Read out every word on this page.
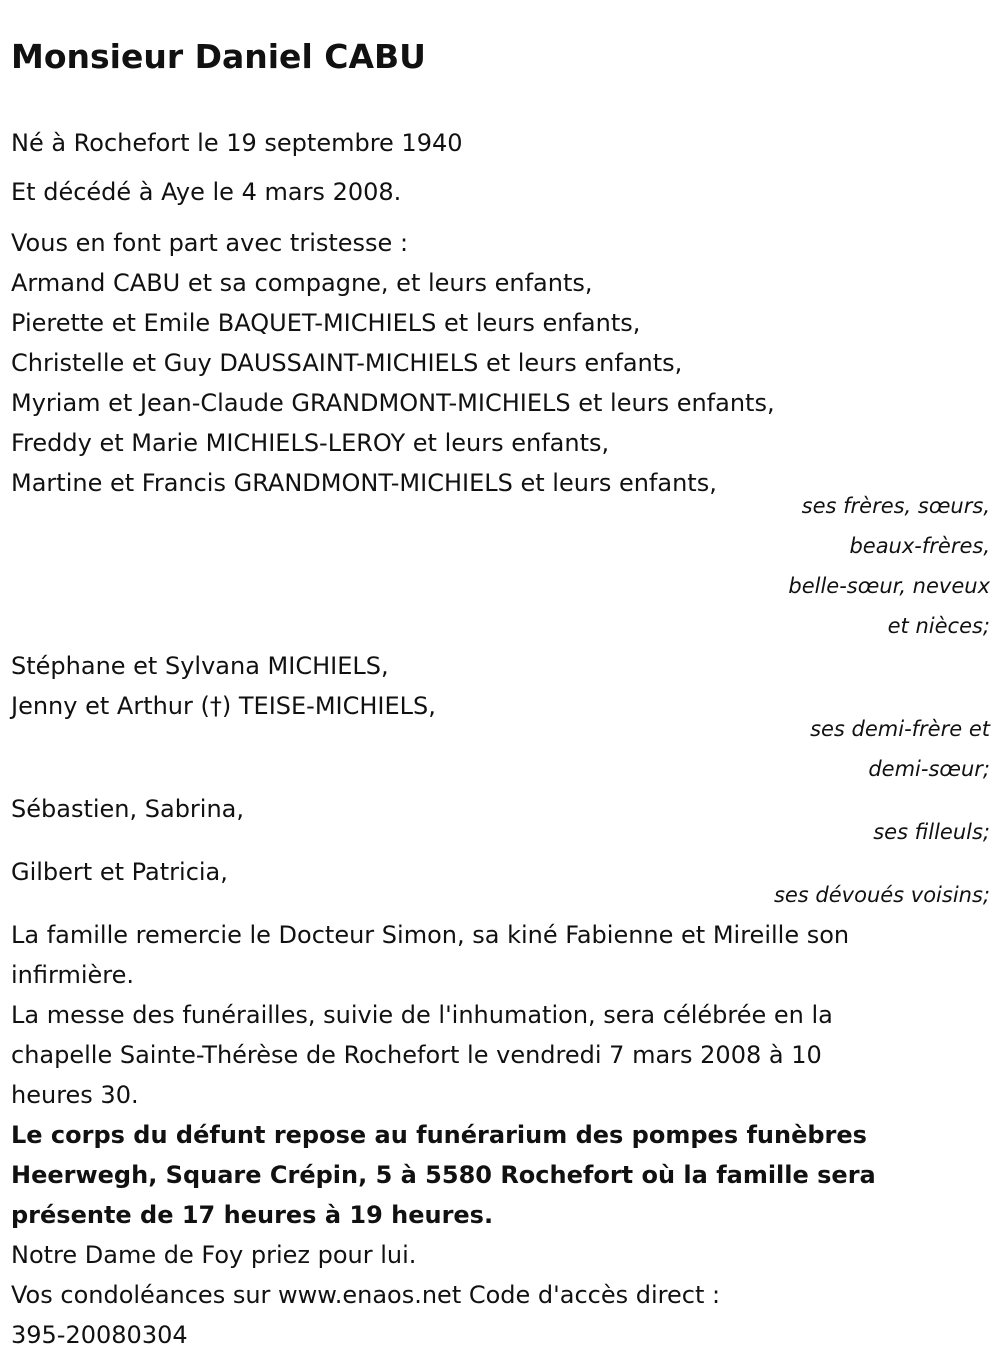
Monsieur Daniel CABU

Né à Rochefort le 19 septembre 1940

Et décédé à Aye le 4 mars 2008.

Vous en font part avec tristesse :

Armand CABU et sa compagne, et leurs enfants,

Pierette et Emile BAQUET-MICHIELS et leurs enfants,

Christelle et Guy DAUSSAINT-MICHIELS et leurs enfants,

Myriam et Jean-Claude GRANDMONT-MICHIELS et leurs enfants,

Freddy et Marie MICHIELS-LEROY et leurs enfants,

Martine et Francis GRANDMONT-MICHIELS et leurs enfants,

ses frères, sœurs,
beaux-frères,
belle-sœur, neveux
et nièces;

Stéphane et Sylvana MICHIELS,

Jenny et Arthur (†) TEISE-MICHIELS,

ses demi-frère et
demi-sœur;

Sébastien, Sabrina,

ses filleuls;

Gilbert et Patricia,

ses dévoués voisins;

La famille remercie le Docteur Simon, sa kiné Fabienne et Mireille son

infirmière.

La messe des funérailles, suivie de l'inhumation, sera célébrée en la

chapelle Sainte-Thérèse de Rochefort le vendredi 7 mars 2008 à 10

heures 30.

Le corps du défunt repose au funérarium des pompes funèbres

Heerwegh, Square Crépin, 5 à 5580 Rochefort où la famille sera

présente de 17 heures à 19 heures.

Notre Dame de Foy priez pour lui.

Vos condoléances sur www.enaos.net Code d'accès direct :

395-20080304
